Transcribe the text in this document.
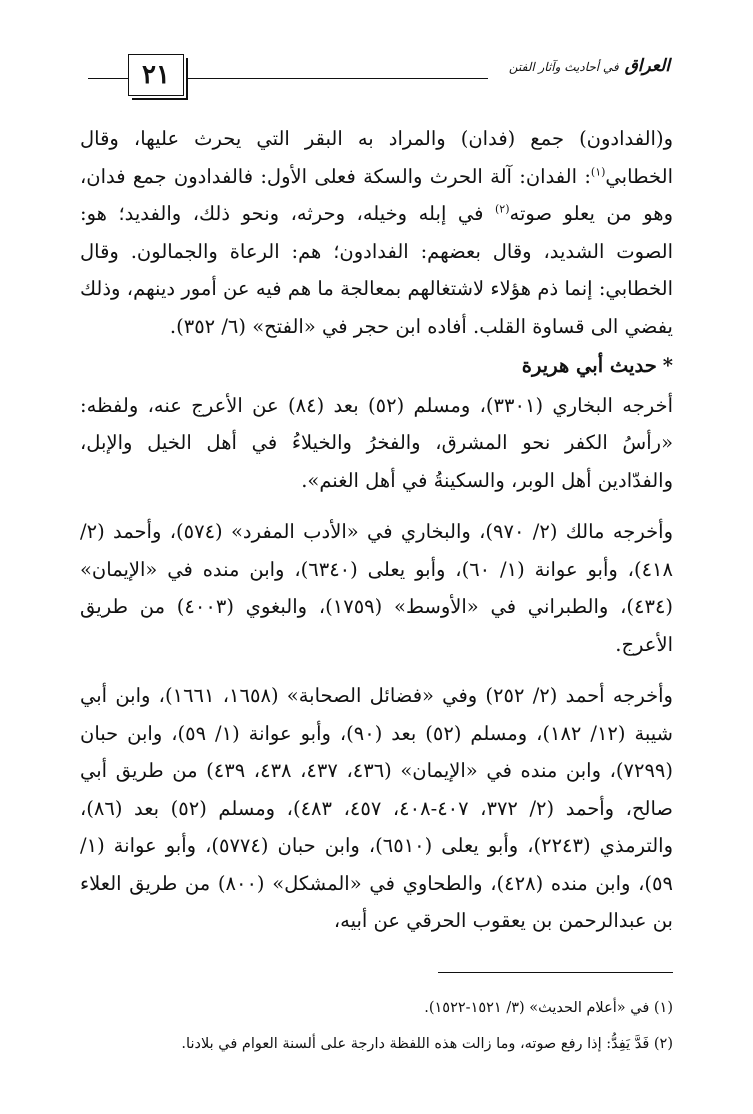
٢١	العراق في أحاديث وآثار الفتن

و(الفدادون) جمع (فدان) والمراد به البقر التي يحرث عليها، وقال الخطابي$^{(١)}$: الفدان: آلة الحرث والسكة فعلى الأول: فالفدادون جمع فدان، وهو من يعلو صوته$^{(٢)}$ في إبله وخيله، وحرثه، ونحو ذلك، والفديد؛ هو: الصوت الشديد، وقال بعضهم: الفدادون؛ هم: الرعاة والجمالون. وقال الخطابي: إنما ذم هؤلاء لاشتغالهم بمعالجة ما هم فيه عن أمور دينهم، وذلك يفضي الى قساوة القلب. أفاده ابن حجر في «الفتح» (٦/ ٣٥٢).

*حديث أبي هريرة

أخرجه البخاري (٣٣٠١)، ومسلم (٥٢) بعد (٨٤) عن الأعرج عنه، ولفظه: «رأسُ الكفر نحو المشرق، والفخرُ والخيلاءُ في أهل الخيل والإبل، والفدّادين أهل الوبر، والسكينةُ في أهل الغنم».

وأخرجه مالك (٢/ ٩٧٠)، والبخاري في «الأدب المفرد» (٥٧٤)، وأحمد (٢/ ٤١٨)، وأبو عوانة (١/ ٦٠)، وأبو يعلى (٦٣٤٠)، وابن منده في «الإيمان» (٤٣٤)، والطبراني في «الأوسط» (١٧٥٩)، والبغوي (٤٠٠٣) من طريق الأعرج.

وأخرجه أحمد (٢/ ٢٥٢) وفي «فضائل الصحابة» (١٦٥٨، ١٦٦١)، وابن أبي شيبة (١٢/ ١٨٢)، ومسلم (٥٢) بعد (٩٠)، وأبو عوانة (١/ ٥٩)، وابن حبان (٧٢٩٩)، وابن منده في «الإيمان» (٤٣٦، ٤٣٧، ٤٣٨، ٤٣٩) من طريق أبي صالح، وأحمد (٢/ ٣٧٢، ٤٠٧-٤٠٨، ٤٥٧، ٤٨٣)، ومسلم (٥٢) بعد (٨٦)، والترمذي (٢٢٤٣)، وأبو يعلى (٦٥١٠)، وابن حبان (٥٧٧٤)، وأبو عوانة (١/ ٥٩)، وابن منده (٤٢٨)، والطحاوي في «المشكل» (٨٠٠) من طريق العلاء بن عبدالرحمن بن يعقوب الحرقي عن أبيه،

(١) في «أعلام الحديث» (٣/ ١٥٢١-١٥٢٢).

(٢) فَدَّ يَفِدُّ: إذا رفع صوته، وما زالت هذه اللفظة دارجة على ألسنة العوام في بلادنا.
